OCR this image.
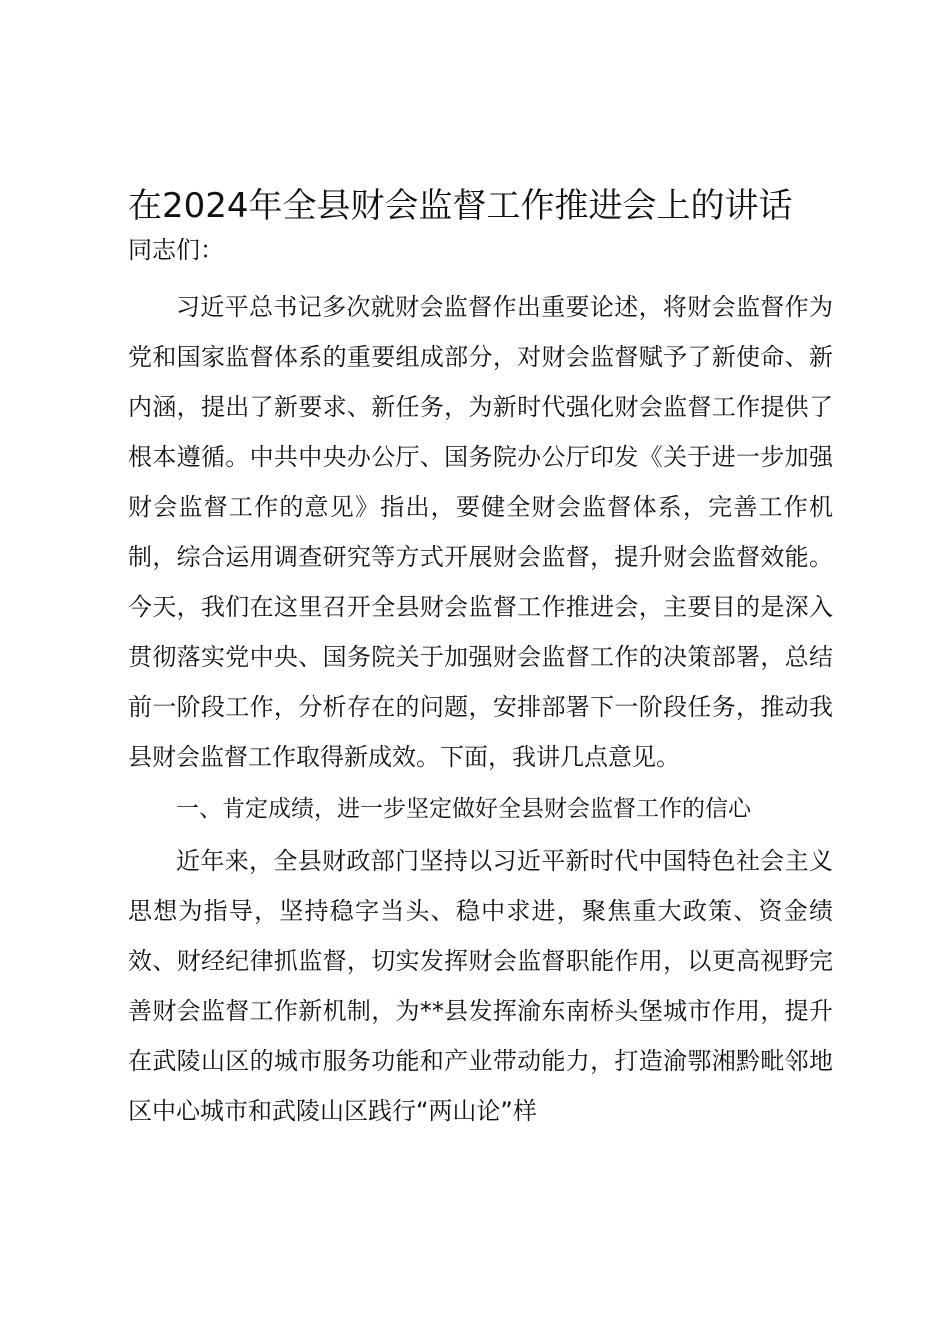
在2024年全县财会监督工作推进会上的讲话

同志们：

习近平总书记多次就财会监督作出重要论述，将财会监督作为党和国家监督体系的重要组成部分，对财会监督赋予了新使命、新内涵，提出了新要求、新任务，为新时代强化财会监督工作提供了根本遵循。中共中央办公厅、国务院办公厅印发《关于进一步加强财会监督工作的意见》指出，要健全财会监督体系，完善工作机制，综合运用调查研究等方式开展财会监督，提升财会监督效能。今天，我们在这里召开全县财会监督工作推进会，主要目的是深入贯彻落实党中央、国务院关于加强财会监督工作的决策部署，总结前一阶段工作，分析存在的问题，安排部署下一阶段任务，推动我县财会监督工作取得新成效。下面，我讲几点意见。

一、肯定成绩，进一步坚定做好全县财会监督工作的信心

近年来，全县财政部门坚持以习近平新时代中国特色社会主义思想为指导，坚持稳字当头、稳中求进，聚焦重大政策、资金绩效、财经纪律抓监督，切实发挥财会监督职能作用，以更高视野完善财会监督工作新机制，为**县发挥渝东南桥头堡城市作用，提升在武陵山区的城市服务功能和产业带动能力，打造渝鄂湘黔毗邻地区中心城市和武陵山区践行“两山论”样
